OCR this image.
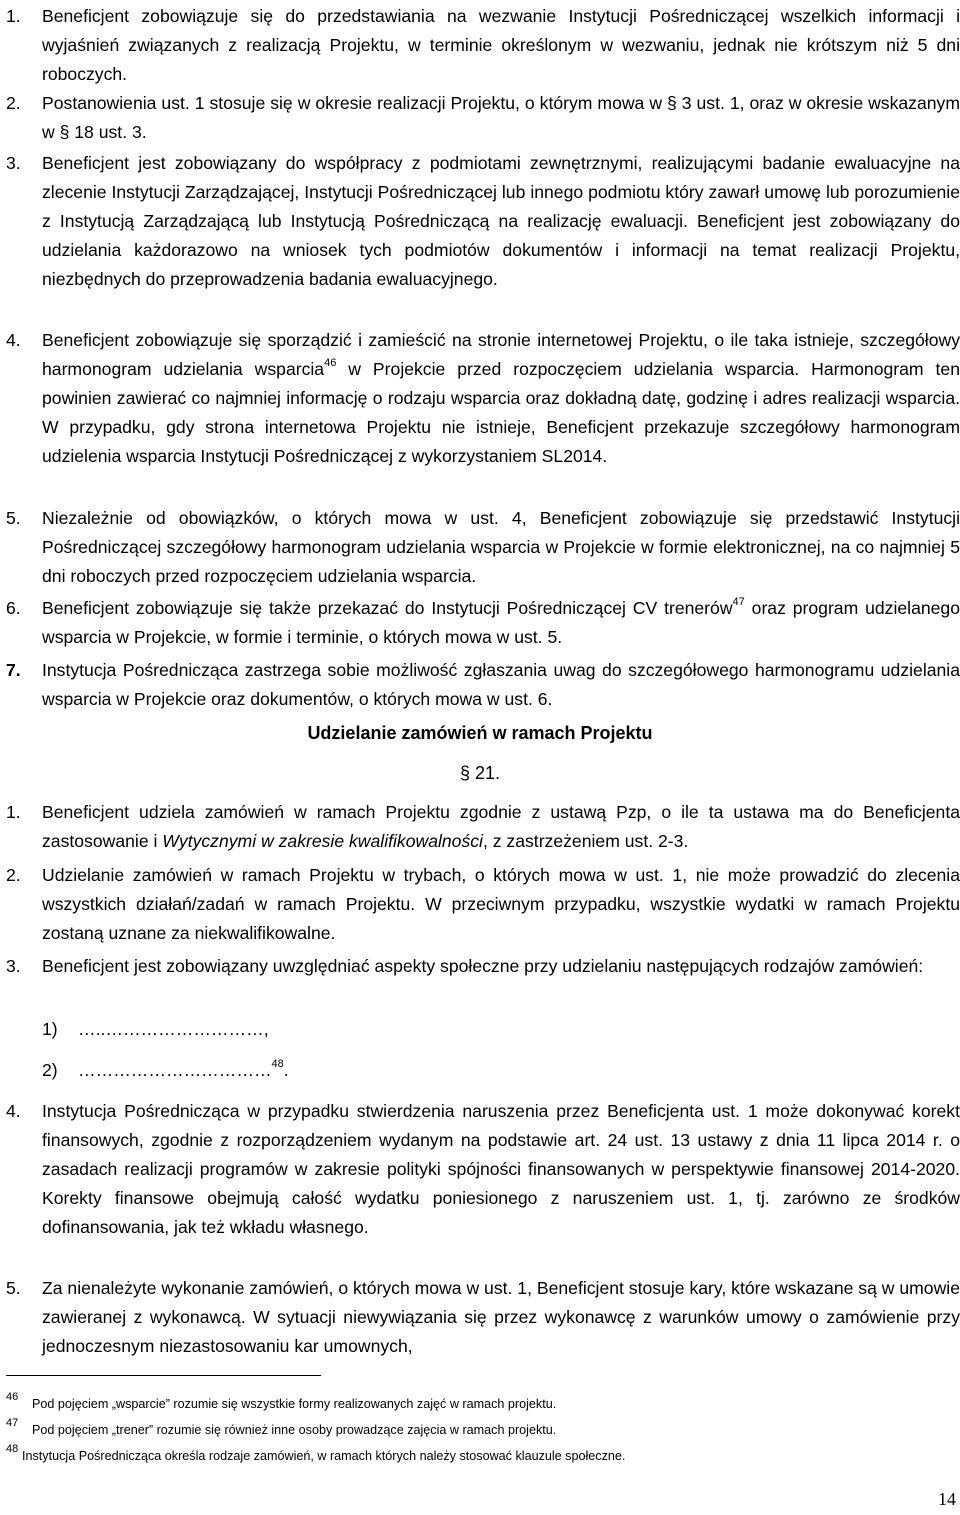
1. Beneficjent zobowiązuje się do przedstawiania na wezwanie Instytucji Pośredniczącej wszelkich informacji i wyjaśnień związanych z realizacją Projektu, w terminie określonym w wezwaniu, jednak nie krótszym niż 5 dni roboczych.
2. Postanowienia ust. 1 stosuje się w okresie realizacji Projektu, o którym mowa w § 3 ust. 1, oraz w okresie wskazanym w § 18 ust. 3.
3. Beneficjent jest zobowiązany do współpracy z podmiotami zewnętrznymi, realizującymi badanie ewaluacyjne na zlecenie Instytucji Zarządzającej, Instytucji Pośredniczącej lub innego podmiotu który zawarł umowę lub porozumienie z Instytucją Zarządzającą lub Instytucją Pośredniczącą na realizację ewaluacji. Beneficjent jest zobowiązany do udzielania każdorazowo na wniosek tych podmiotów dokumentów i informacji na temat realizacji Projektu, niezbędnych do przeprowadzenia badania ewaluacyjnego.
4. Beneficjent zobowiązuje się sporządzić i zamieścić na stronie internetowej Projektu, o ile taka istnieje, szczegółowy harmonogram udzielania wsparcia$^{46}$ w Projekcie przed rozpoczęciem udzielania wsparcia. Harmonogram ten powinien zawierać co najmniej informację o rodzaju wsparcia oraz dokładną datę, godzinę i adres realizacji wsparcia. W przypadku, gdy strona internetowa Projektu nie istnieje, Beneficjent przekazuje szczegółowy harmonogram udzielenia wsparcia Instytucji Pośredniczącej z wykorzystaniem SL2014.
5. Niezależnie od obowiązków, o których mowa w ust. 4, Beneficjent zobowiązuje się przedstawić Instytucji Pośredniczącej szczegółowy harmonogram udzielania wsparcia w Projekcie w formie elektronicznej, na co najmniej 5 dni roboczych przed rozpoczęciem udzielania wsparcia.
6. Beneficjent zobowiązuje się także przekazać do Instytucji Pośredniczącej CV trenerów$^{47}$ oraz program udzielanego wsparcia w Projekcie, w formie i terminie, o których mowa w ust. 5.
7. Instytucja Pośrednicząca zastrzega sobie możliwość zgłaszania uwag do szczegółowego harmonogramu udzielania wsparcia w Projekcie oraz dokumentów, o których mowa w ust. 6.
Udzielanie zamówień w ramach Projektu
§ 21.
1. Beneficjent udziela zamówień w ramach Projektu zgodnie z ustawą Pzp, o ile ta ustawa ma do Beneficjenta zastosowanie i Wytycznymi w zakresie kwalifikowalności, z zastrzeżeniem ust. 2-3.
2. Udzielanie zamówień w ramach Projektu w trybach, o których mowa w ust. 1, nie może prowadzić do zlecenia wszystkich działań/zadań w ramach Projektu. W przeciwnym przypadku, wszystkie wydatki w ramach Projektu zostaną uznane za niekwalifikowalne.
3. Beneficjent jest zobowiązany uwzględniać aspekty społeczne przy udzielaniu następujących rodzajów zamówień:
1) …..………………………,
2) ……………………………$^{48}$.
4. Instytucja Pośrednicząca w przypadku stwierdzenia naruszenia przez Beneficjenta ust. 1 może dokonywać korekt finansowych, zgodnie z rozporządzeniem wydanym na podstawie art. 24 ust. 13 ustawy z dnia 11 lipca 2014 r. o zasadach realizacji programów w zakresie polityki spójności finansowanych w perspektywie finansowej 2014-2020. Korekty finansowe obejmują całość wydatku poniesionego z naruszeniem ust. 1, tj. zarówno ze środków dofinansowania, jak też wkładu własnego.
5. Za nienależyte wykonanie zamówień, o których mowa w ust. 1, Beneficjent stosuje kary, które wskazane są w umowie zawieranej z wykonawcą. W sytuacji niewywiązania się przez wykonawcę z warunków umowy o zamówienie przy jednoczesnym niezastosowaniu kar umownych,
46 Pod pojęciem „wsparcie” rozumie się wszystkie formy realizowanych zajęć w ramach projektu.
47 Pod pojęciem „trener” rozumie się również inne osoby prowadzące zajęcia w ramach projektu.
48 Instytucja Pośrednicząca określa rodzaje zamówień, w ramach których należy stosować klauzule społeczne.
14
